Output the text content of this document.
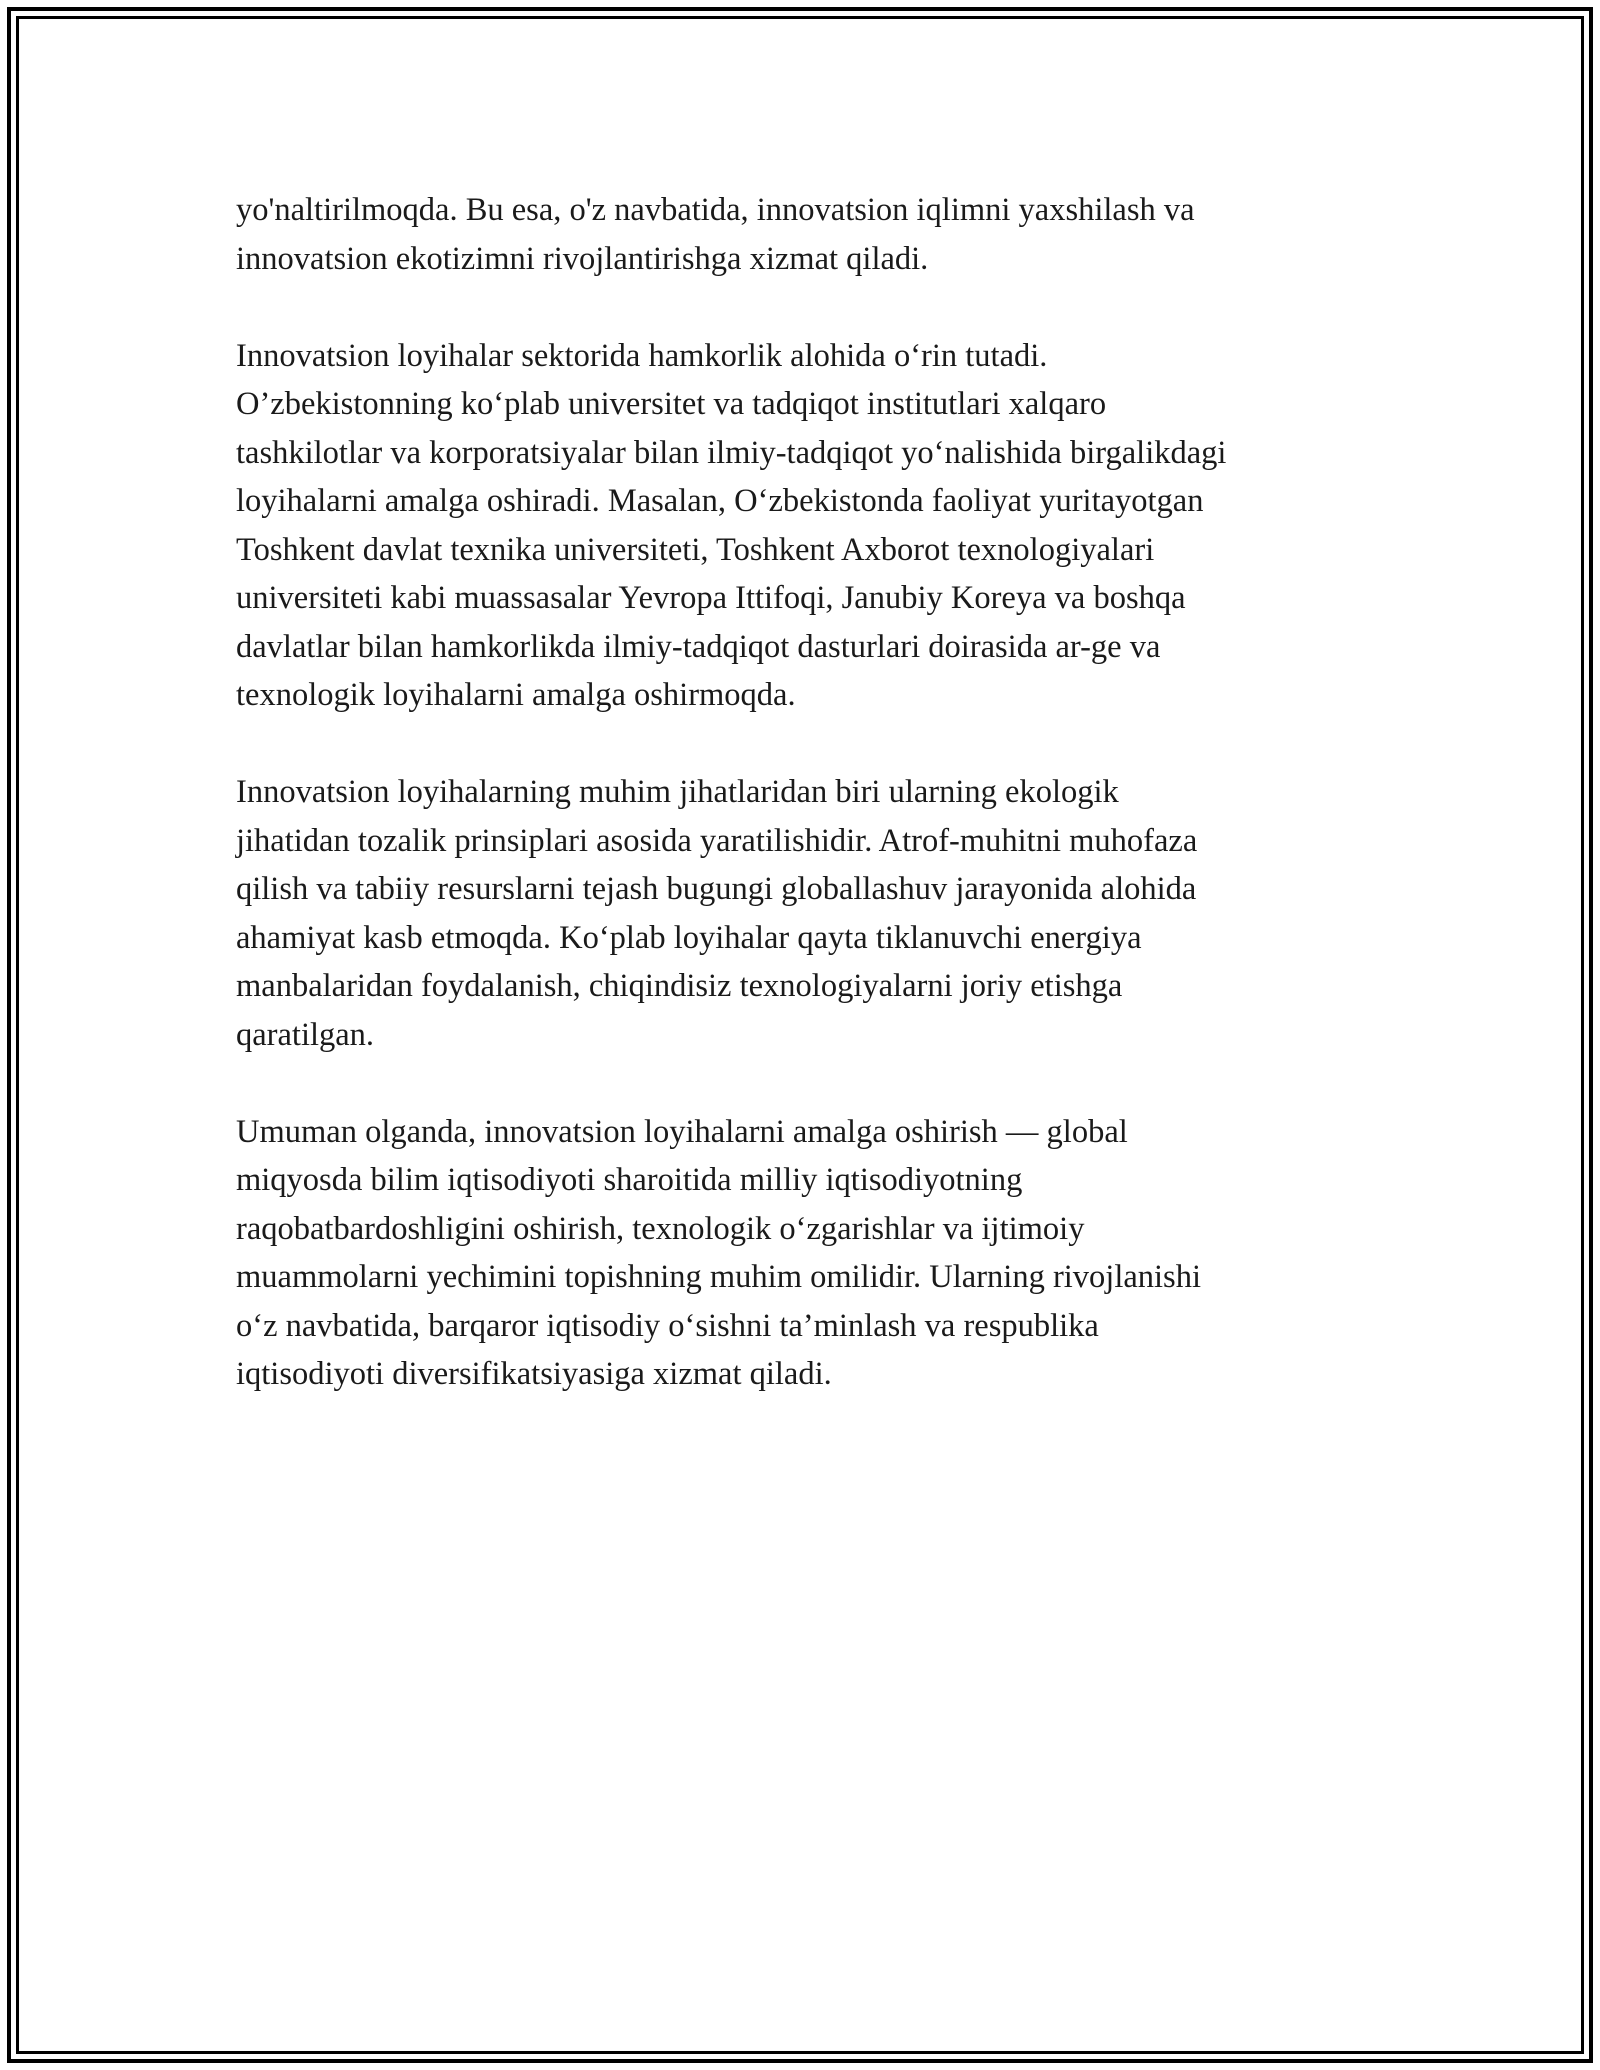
yo'naltirilmoqda. Bu esa, o'z navbatida, innovatsion iqlimni yaxshilash va
innovatsion ekotizimni rivojlantirishga xizmat qiladi.

Innovatsion loyihalar sektorida hamkorlik alohida o‘rin tutadi.
O’zbekistonning ko‘plab universitet va tadqiqot institutlari xalqaro
tashkilotlar va korporatsiyalar bilan ilmiy-tadqiqot yo‘nalishida birgalikdagi
loyihalarni amalga oshiradi. Masalan, O‘zbekistonda faoliyat yuritayotgan
Toshkent davlat texnika universiteti, Toshkent Axborot texnologiyalari
universiteti kabi muassasalar Yevropa Ittifoqi, Janubiy Koreya va boshqa
davlatlar bilan hamkorlikda ilmiy-tadqiqot dasturlari doirasida ar-ge va
texnologik loyihalarni amalga oshirmoqda.

Innovatsion loyihalarning muhim jihatlaridan biri ularning ekologik
jihatidan tozalik prinsiplari asosida yaratilishidir. Atrof-muhitni muhofaza
qilish va tabiiy resurslarni tejash bugungi globallashuv jarayonida alohida
ahamiyat kasb etmoqda. Ko‘plab loyihalar qayta tiklanuvchi energiya
manbalaridan foydalanish, chiqindisiz texnologiyalarni joriy etishga
qaratilgan.

Umuman olganda, innovatsion loyihalarni amalga oshirish — global
miqyosda bilim iqtisodiyoti sharoitida milliy iqtisodiyotning
raqobatbardoshligini oshirish, texnologik o‘zgarishlar va ijtimoiy
muammolarni yechimini topishning muhim omilidir. Ularning rivojlanishi
o‘z navbatida, barqaror iqtisodiy o‘sishni ta’minlash va respublika
iqtisodiyoti diversifikatsiyasiga xizmat qiladi.
